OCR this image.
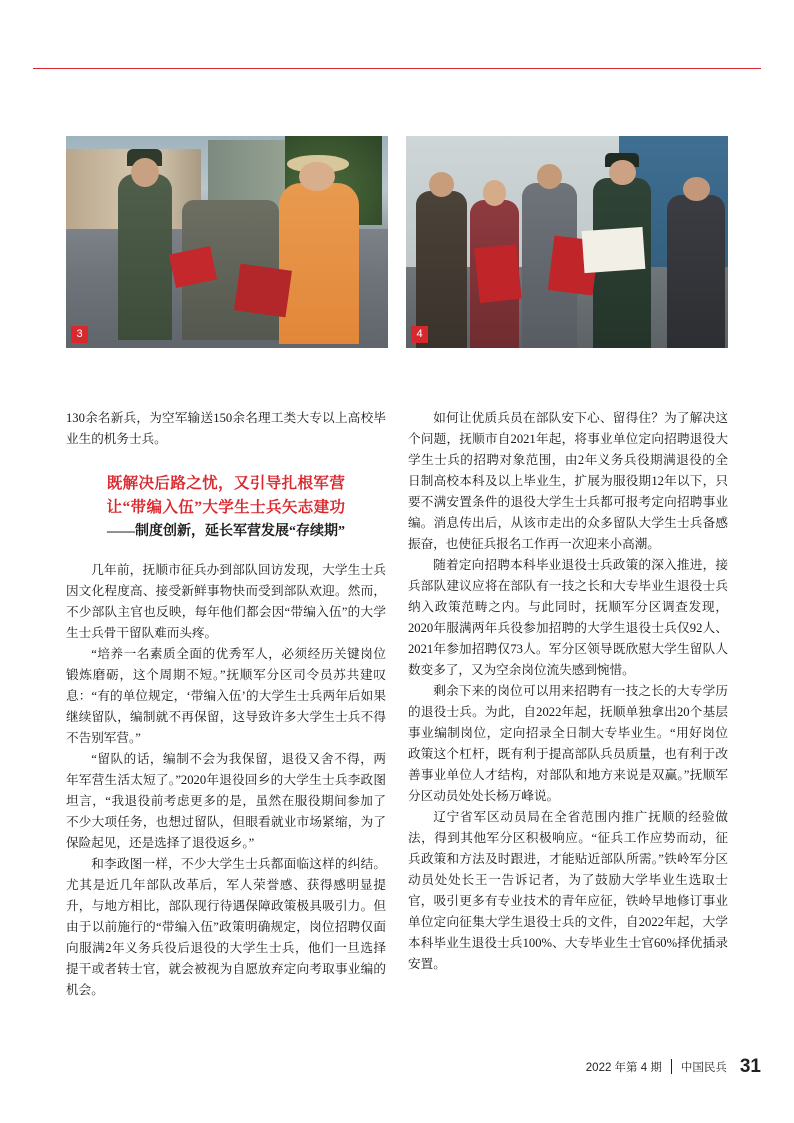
3	4

130余名新兵，为空军输送150余名理工类大专以上高校毕业生的机务士兵。

既解决后路之忧，又引导扎根军营
让“带编入伍”大学生士兵矢志建功
——制度创新，延长军营发展“存续期”

几年前，抚顺市征兵办到部队回访发现，大学生士兵因文化程度高、接受新鲜事物快而受到部队欢迎。然而，不少部队主官也反映，每年他们都会因“带编入伍”的大学生士兵骨干留队难而头疼。

“培养一名素质全面的优秀军人，必须经历关键岗位锻炼磨砺，这个周期不短。”抚顺军分区司令员苏共建叹息：“有的单位规定，‘带编入伍’的大学生士兵两年后如果继续留队，编制就不再保留，这导致许多大学生士兵不得不告别军营。”

“留队的话，编制不会为我保留，退役又舍不得，两年军营生活太短了。”2020年退役回乡的大学生士兵李政图坦言，“我退役前考虑更多的是，虽然在服役期间参加了不少大项任务，也想过留队，但眼看就业市场紧缩，为了保险起见，还是选择了退役返乡。”

和李政图一样，不少大学生士兵都面临这样的纠结。尤其是近几年部队改革后，军人荣誉感、获得感明显提升，与地方相比，部队现行待遇保障政策极具吸引力。但由于以前施行的“带编入伍”政策明确规定，岗位招聘仅面向服满2年义务兵役后退役的大学生士兵，他们一旦选择提干或者转士官，就会被视为自愿放弃定向考取事业编的机会。

如何让优质兵员在部队安下心、留得住？为了解决这个问题，抚顺市自2021年起，将事业单位定向招聘退役大学生士兵的招聘对象范围，由2年义务兵役期满退役的全日制高校本科及以上毕业生，扩展为服役期12年以下，只要不满安置条件的退役大学生士兵都可报考定向招聘事业编。消息传出后，从该市走出的众多留队大学生士兵备感振奋，也使征兵报名工作再一次迎来小高潮。

随着定向招聘本科毕业退役士兵政策的深入推进，接兵部队建议应将在部队有一技之长和大专毕业生退役士兵纳入政策范畴之内。与此同时，抚顺军分区调查发现，2020年服满两年兵役参加招聘的大学生退役士兵仅92人、2021年参加招聘仅73人。军分区领导既欣慰大学生留队人数变多了，又为空余岗位流失感到惋惜。

剩余下来的岗位可以用来招聘有一技之长的大专学历的退役士兵。为此，自2022年起，抚顺单独拿出20个基层事业编制岗位，定向招录全日制大专毕业生。“用好岗位政策这个杠杆，既有利于提高部队兵员质量，也有利于改善事业单位人才结构，对部队和地方来说是双赢。”抚顺军分区动员处处长杨万峰说。

辽宁省军区动员局在全省范围内推广抚顺的经验做法，得到其他军分区积极响应。“征兵工作应势而动，征兵政策和方法及时跟进，才能贴近部队所需。”铁岭军分区动员处处长王一告诉记者，为了鼓励大学毕业生选取士官，吸引更多有专业技术的青年应征，铁岭早地修订事业单位定向征集大学生退役士兵的文件，自2022年起，大学本科毕业生退役士兵100%、大专毕业生士官60%择优插录安置。

2022 年第 4 期 中国民兵 31
